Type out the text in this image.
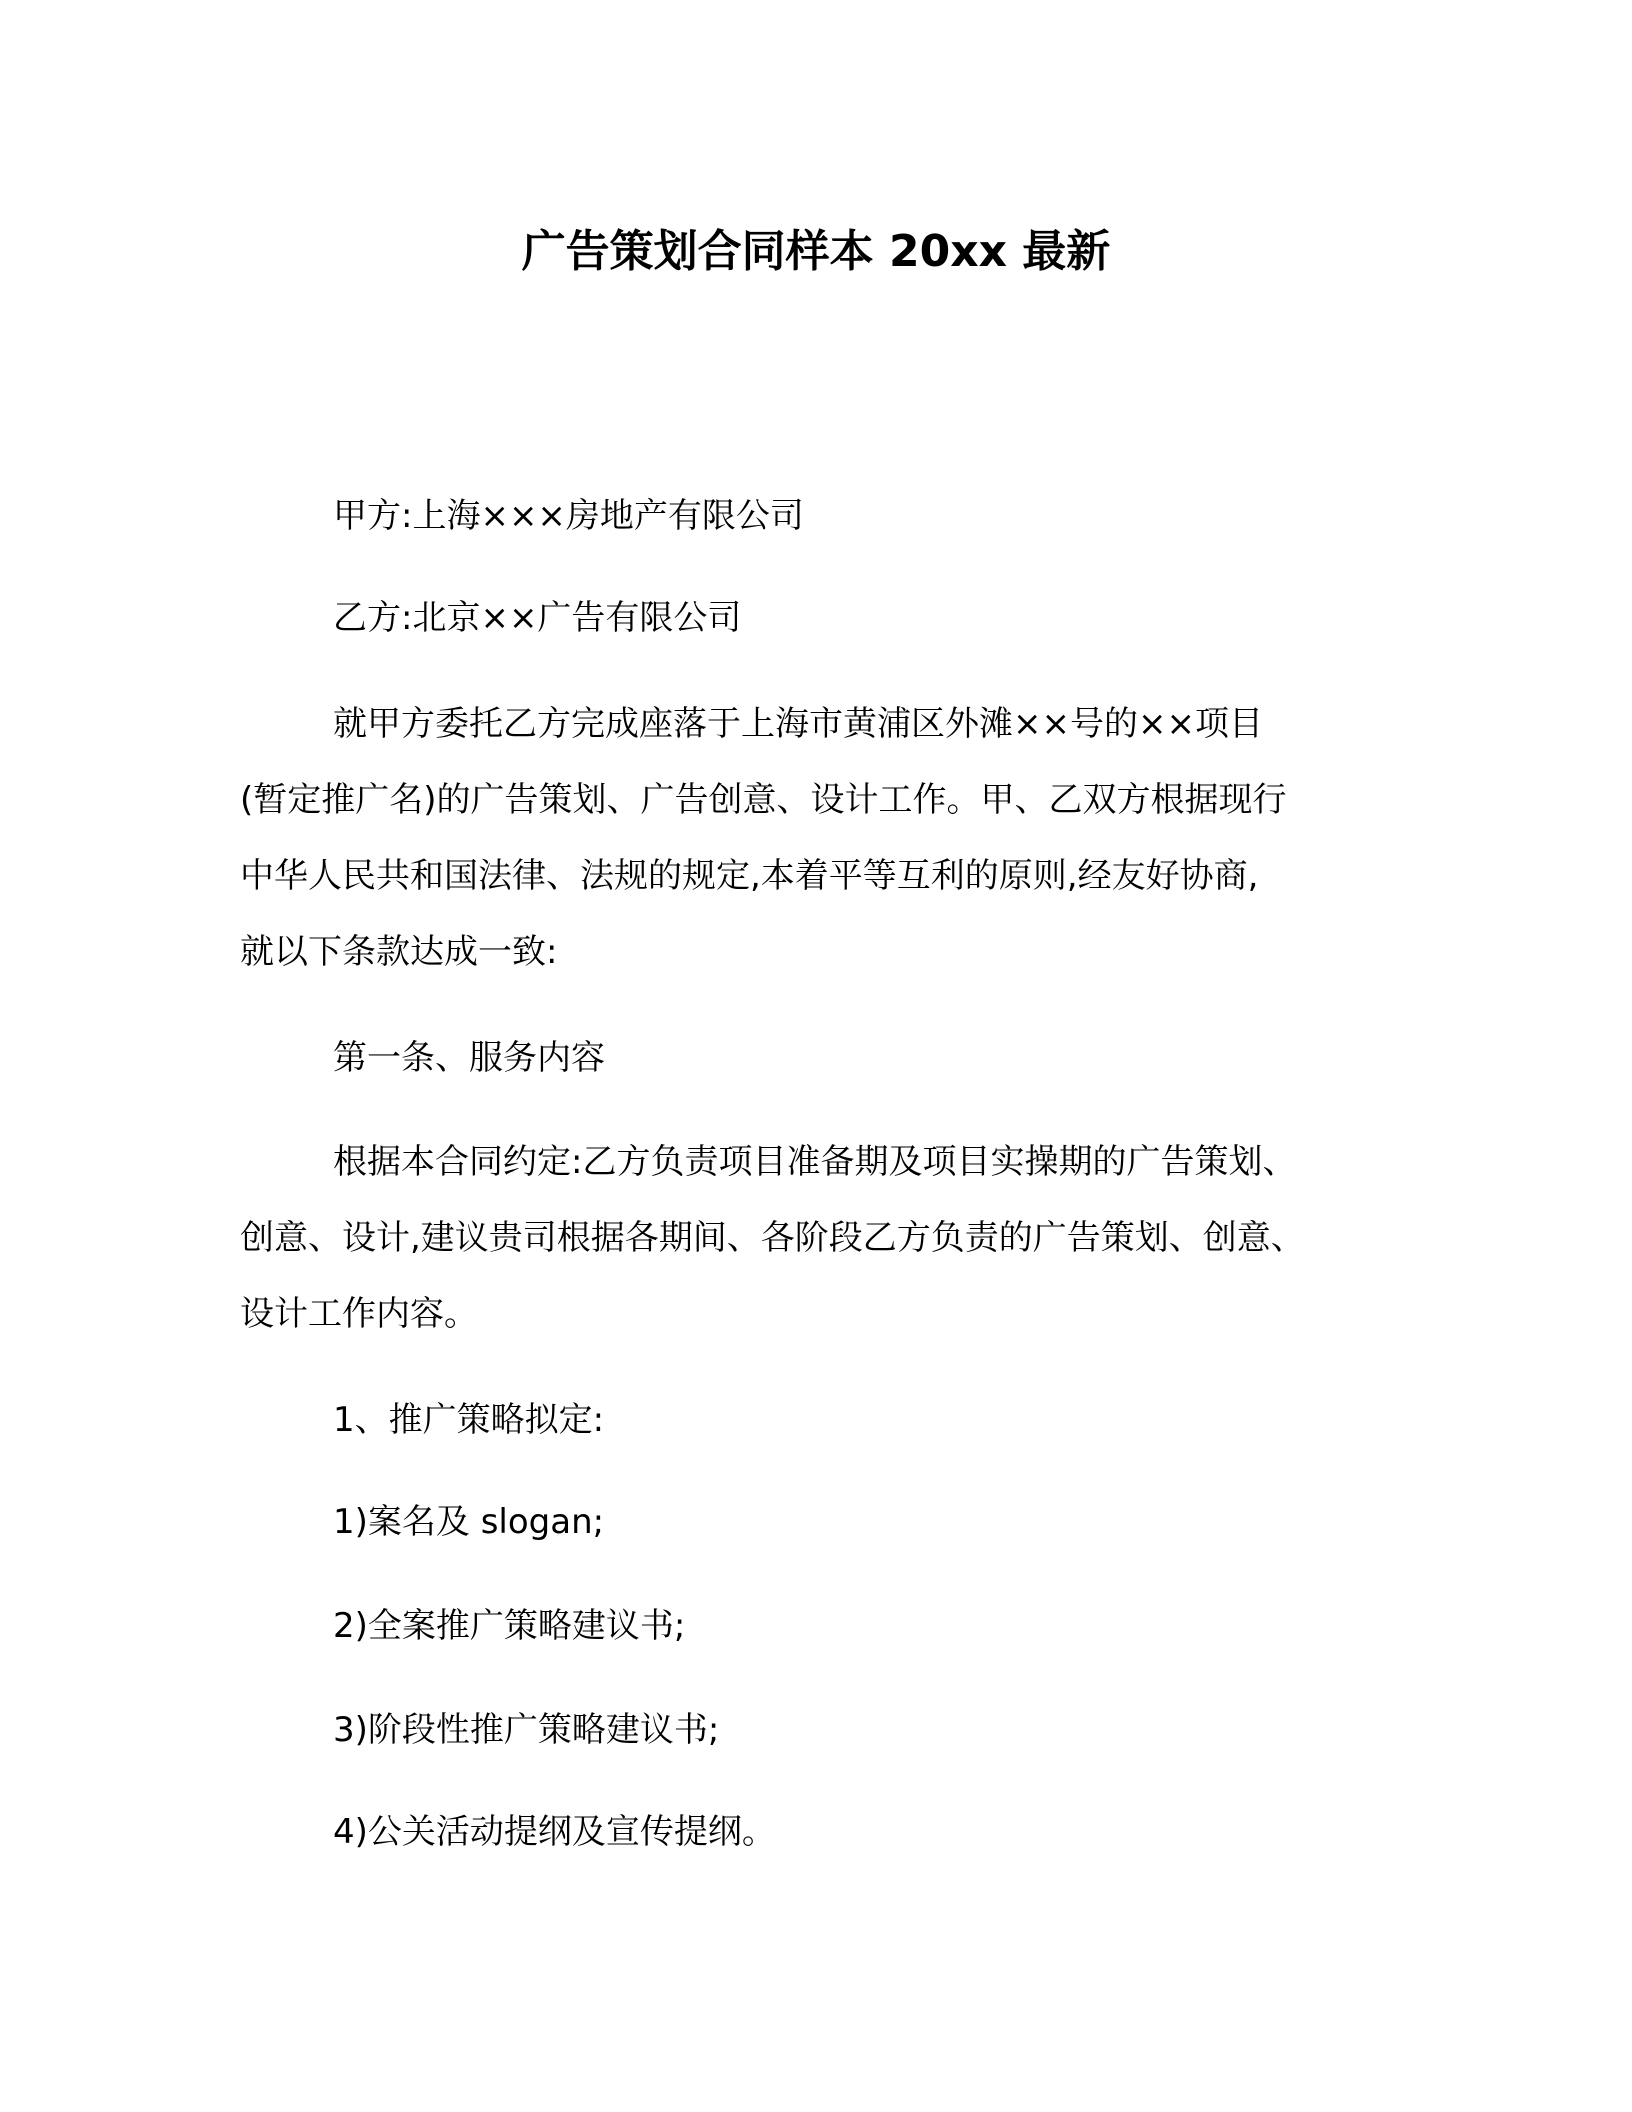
广告策划合同样本 20xx 最新
甲方:上海×××房地产有限公司
乙方:北京××广告有限公司
就甲方委托乙方完成座落于上海市黄浦区外滩××号的××项目
(暂定推广名)的广告策划、广告创意、设计工作。甲、乙双方根据现行
中华人民共和国法律、法规的规定,本着平等互利的原则,经友好协商,
就以下条款达成一致:
第一条、服务内容
根据本合同约定:乙方负责项目准备期及项目实操期的广告策划、
创意、设计,建议贵司根据各期间、各阶段乙方负责的广告策划、创意、
设计工作内容。
1、推广策略拟定:
1)案名及 slogan;
2)全案推广策略建议书;
3)阶段性推广策略建议书;
4)公关活动提纲及宣传提纲。
